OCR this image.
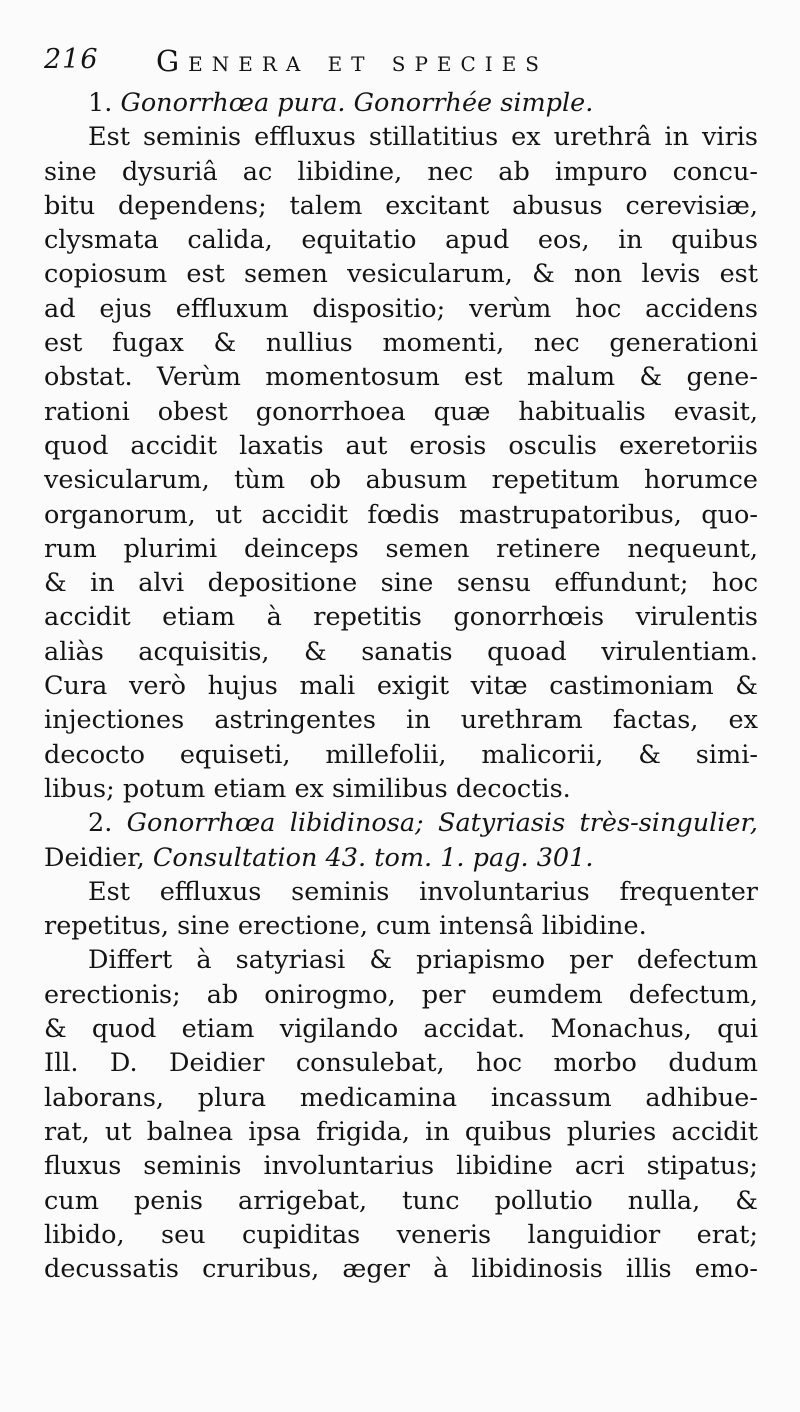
216 Genera et species
1. Gonorrhœa pura. Gonorrhée simple.
Est seminis effluxus stillatitius ex urethrâ in viris
sine dysuriâ ac libidine, nec ab impuro concu-
bitu dependens; talem excitant abusus cerevisiæ,
clysmata calida, equitatio apud eos, in quibus
copiosum est semen vesicularum, & non levis est
ad ejus effluxum dispositio; verùm hoc accidens
est fugax & nullius momenti, nec generationi
obstat. Verùm momentosum est malum & gene-
rationi obest gonorrhoea quæ habitualis evasit,
quod accidit laxatis aut erosis osculis exeretoriis
vesicularum, tùm ob abusum repetitum horumce
organorum, ut accidit fœdis mastrupatoribus, quo-
rum plurimi deinceps semen retinere nequeunt,
& in alvi depositione sine sensu effundunt; hoc
accidit etiam à repetitis gonorrhœis virulentis
aliàs acquisitis, & sanatis quoad virulentiam.
Cura verò hujus mali exigit vitæ castimoniam &
injectiones astringentes in urethram factas, ex
decocto equiseti, millefolii, malicorii, & simi-
libus; potum etiam ex similibus decoctis.
2. Gonorrhœa libidinosa; Satyriasis très-singulier,
Deidier, Consultation 43. tom. 1. pag. 301.
Est effluxus seminis involuntarius frequenter
repetitus, sine erectione, cum intensâ libidine.
Differt à satyriasi & priapismo per defectum
erectionis; ab onirogmo, per eumdem defectum,
& quod etiam vigilando accidat. Monachus, qui
Ill. D. Deidier consulebat, hoc morbo dudum
laborans, plura medicamina incassum adhibue-
rat, ut balnea ipsa frigida, in quibus pluries accidit
fluxus seminis involuntarius libidine acri stipatus;
cum penis arrigebat, tunc pollutio nulla, &
libido, seu cupiditas veneris languidior erat;
decussatis cruribus, æger à libidinosis illis emo-
